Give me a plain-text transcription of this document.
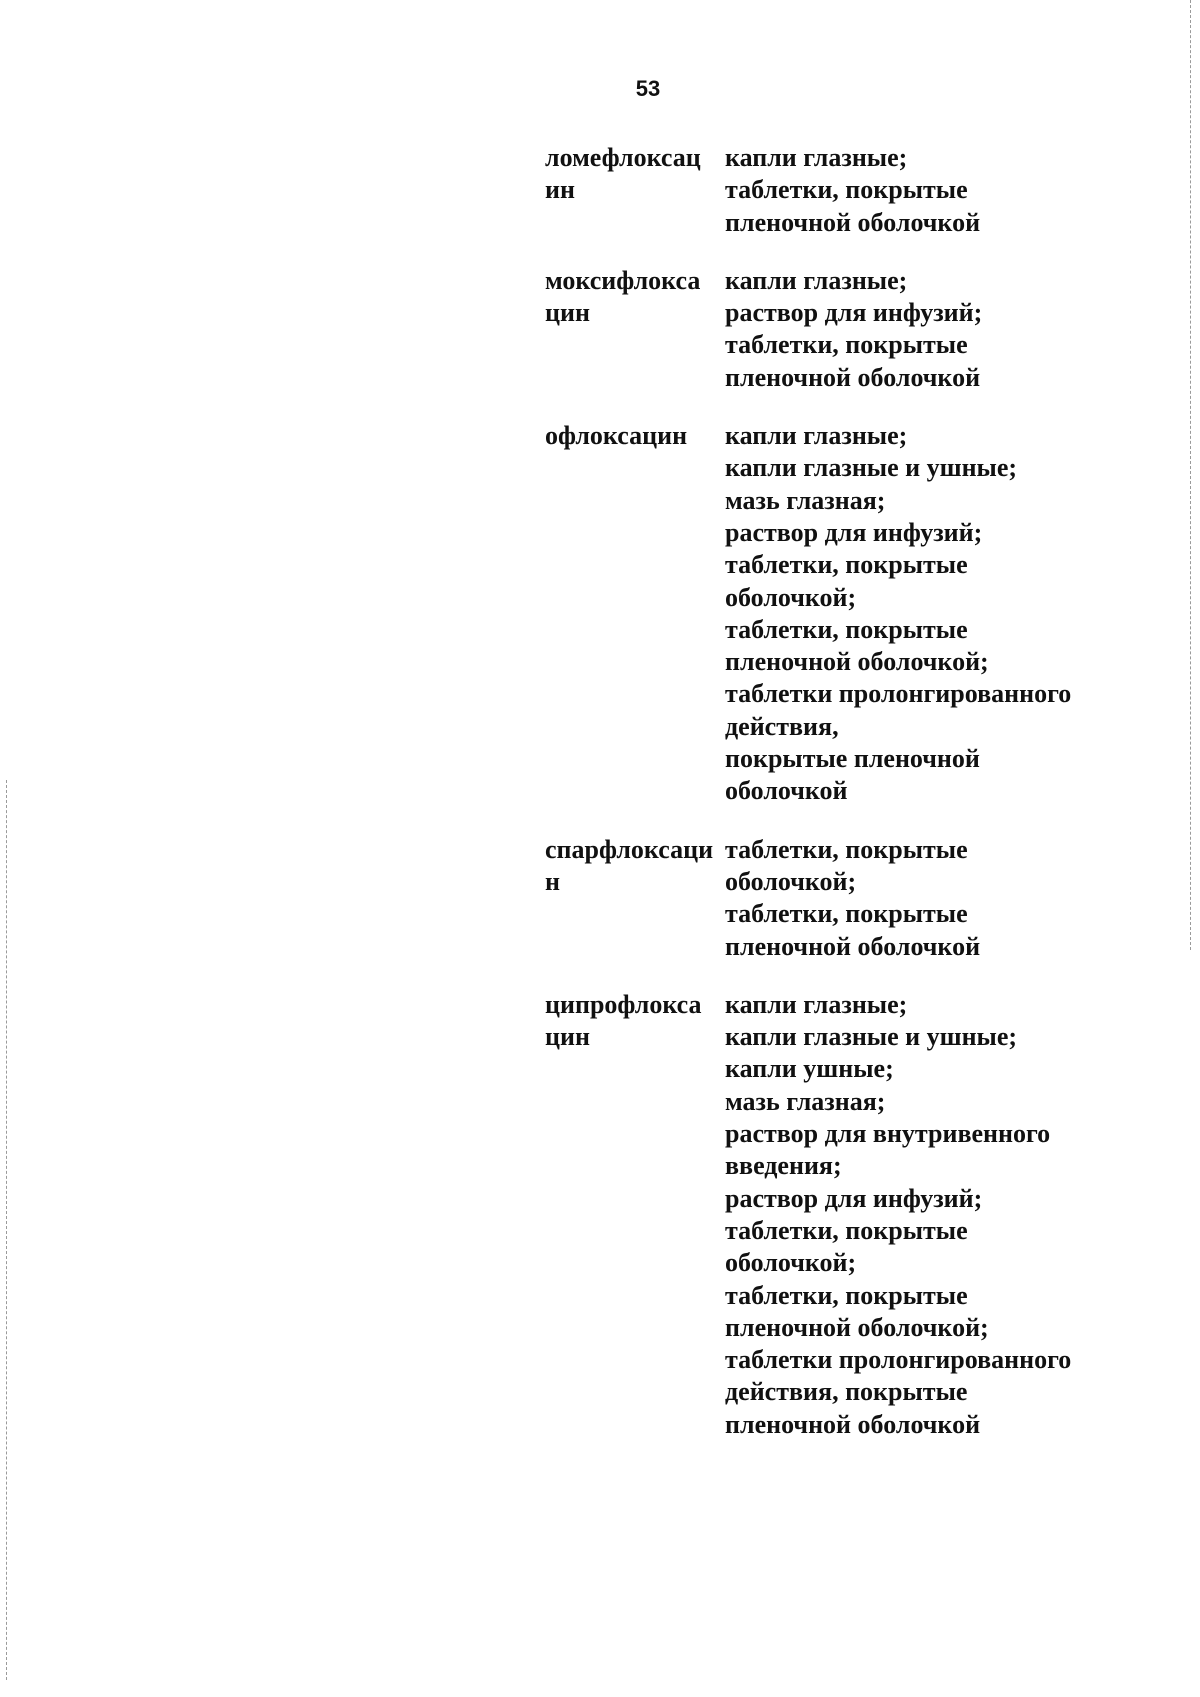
53
ломефлоксац
ин
капли глазные;
таблетки, покрытые
пленочной оболочкой
моксифлокса
цин
капли глазные;
раствор для инфузий;
таблетки, покрытые
пленочной оболочкой
офлоксацин	капли глазные;
капли глазные и ушные;
мазь глазная;
раствор для инфузий;
таблетки, покрытые
оболочкой;
таблетки, покрытые
пленочной оболочкой;
таблетки пролонгированного
действия,
покрытые пленочной
оболочкой
спарфлоксаци
н
таблетки, покрытые
оболочкой;
таблетки, покрытые
пленочной оболочкой
ципрофлокса
цин
капли глазные;
капли глазные и ушные;
капли ушные;
мазь глазная;
раствор для внутривенного
введения;
раствор для инфузий;
таблетки, покрытые
оболочкой;
таблетки, покрытые
пленочной оболочкой;
таблетки пролонгированного
действия, покрытые
пленочной оболочкой
